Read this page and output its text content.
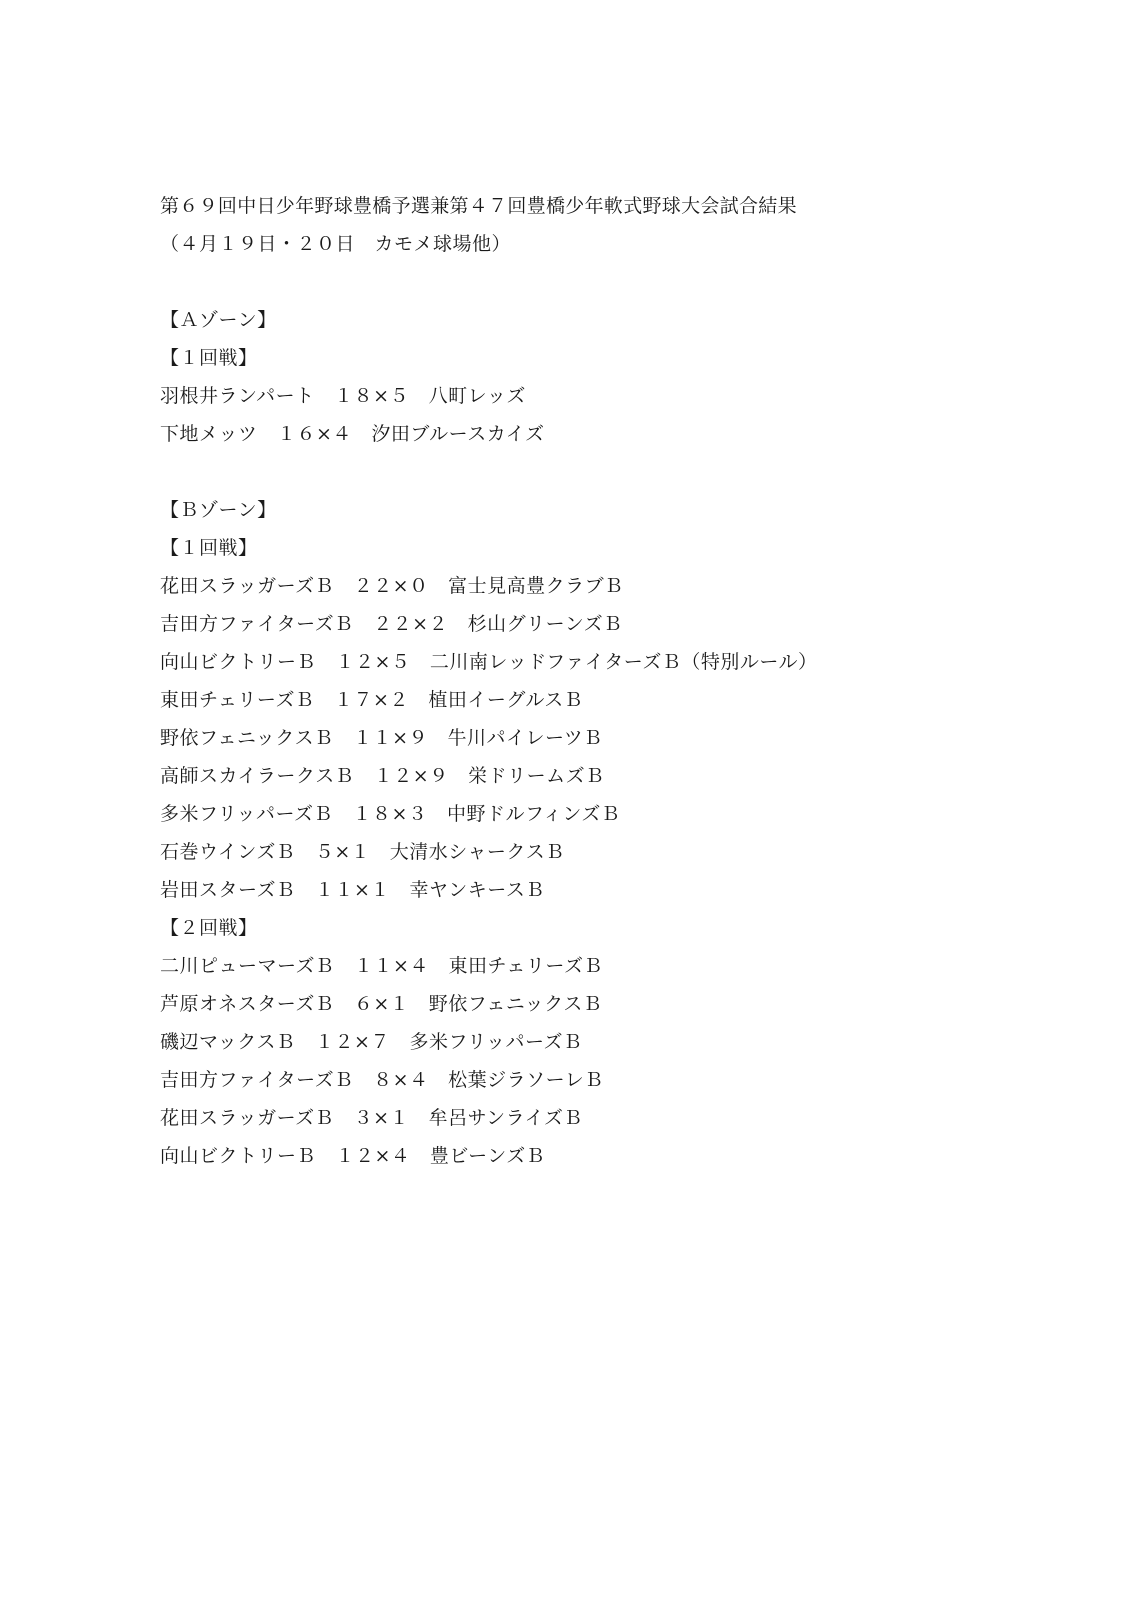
第６９回中日少年野球豊橋予選兼第４７回豊橋少年軟式野球大会試合結果
（４月１９日・２０日　カモメ球場他）
【Ａゾーン】
【１回戦】
羽根井ランパート　１８×５　八町レッズ
下地メッツ　１６×４　汐田ブルースカイズ
【Ｂゾーン】
【１回戦】
花田スラッガーズＢ　２２×０　富士見高豊クラブＢ
吉田方ファイターズＢ　２２×２　杉山グリーンズＢ
向山ビクトリーＢ　１２×５　二川南レッドファイターズＢ（特別ルール）
東田チェリーズＢ　１７×２　植田イーグルスＢ
野依フェニックスＢ　１１×９　牛川パイレーツＢ
高師スカイラークスＢ　１２×９　栄ドリームズＢ
多米フリッパーズＢ　１８×３　中野ドルフィンズＢ
石巻ウインズＢ　５×１　大清水シャークスＢ
岩田スターズＢ　１１×１　幸ヤンキースＢ
【２回戦】
二川ピューマーズＢ　１１×４　東田チェリーズＢ
芦原オネスターズＢ　６×１　野依フェニックスＢ
磯辺マックスＢ　１２×７　多米フリッパーズＢ
吉田方ファイターズＢ　８×４　松葉ジラソーレＢ
花田スラッガーズＢ　３×１　牟呂サンライズＢ
向山ビクトリーＢ　１２×４　豊ビーンズＢ
